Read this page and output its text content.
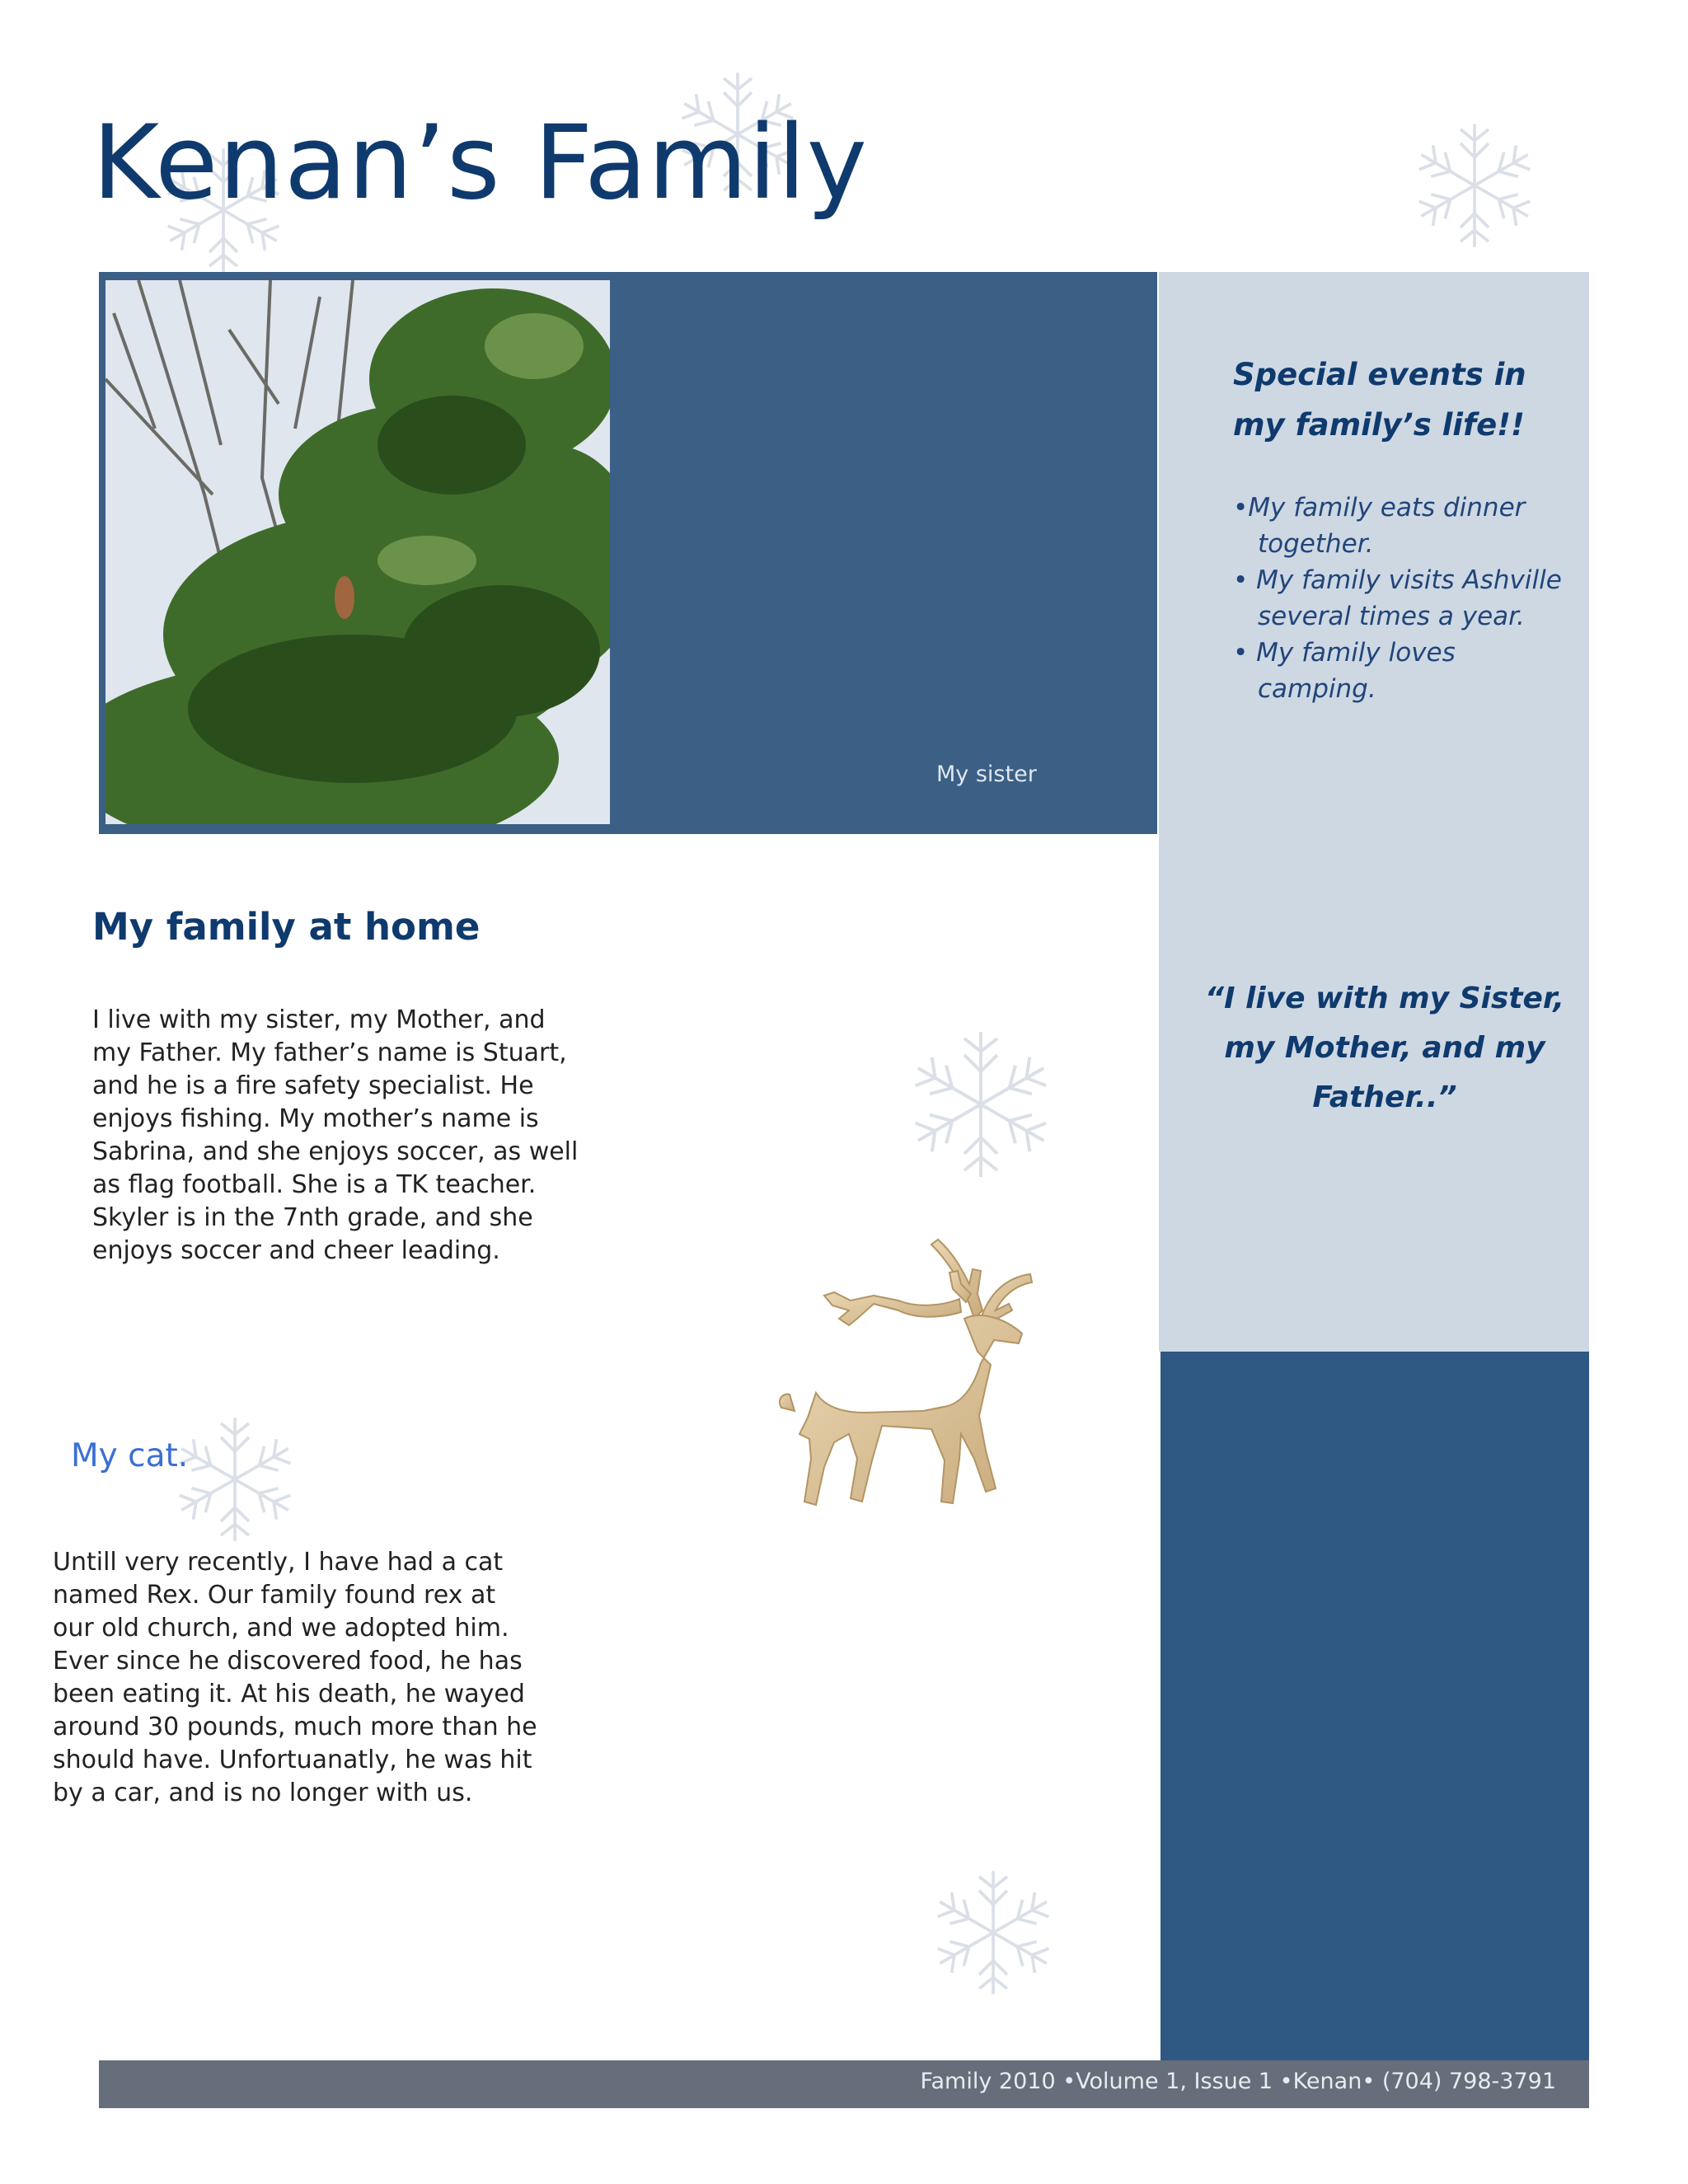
Kenan’s Family
My sister
Special events in my family’s life!!
•My family eats dinner together.
• My family visits Ashville several times a year.
• My family loves camping.

“I live with my Sister, my Mother, and my Father..”

My family at home

I live with my sister, my Mother, and my Father. My father’s name is Stuart, and he is a fire safety specialist. He enjoys fishing. My mother’s name is Sabrina, and she enjoys soccer, as well as flag football. She is a TK teacher. Skyler is in the 7nth grade, and she enjoys soccer and cheer leading.

My cat.

Untill very recently, I have had a cat named Rex. Our family found rex at our old church, and we adopted him. Ever since he discovered food, he has been eating it. At his death, he wayed around 30 pounds, much more than he should have. Unfortuanatly, he was hit by a car, and is no longer with us.

Family 2010 •Volume 1, Issue 1 •Kenan• (704) 798-3791
